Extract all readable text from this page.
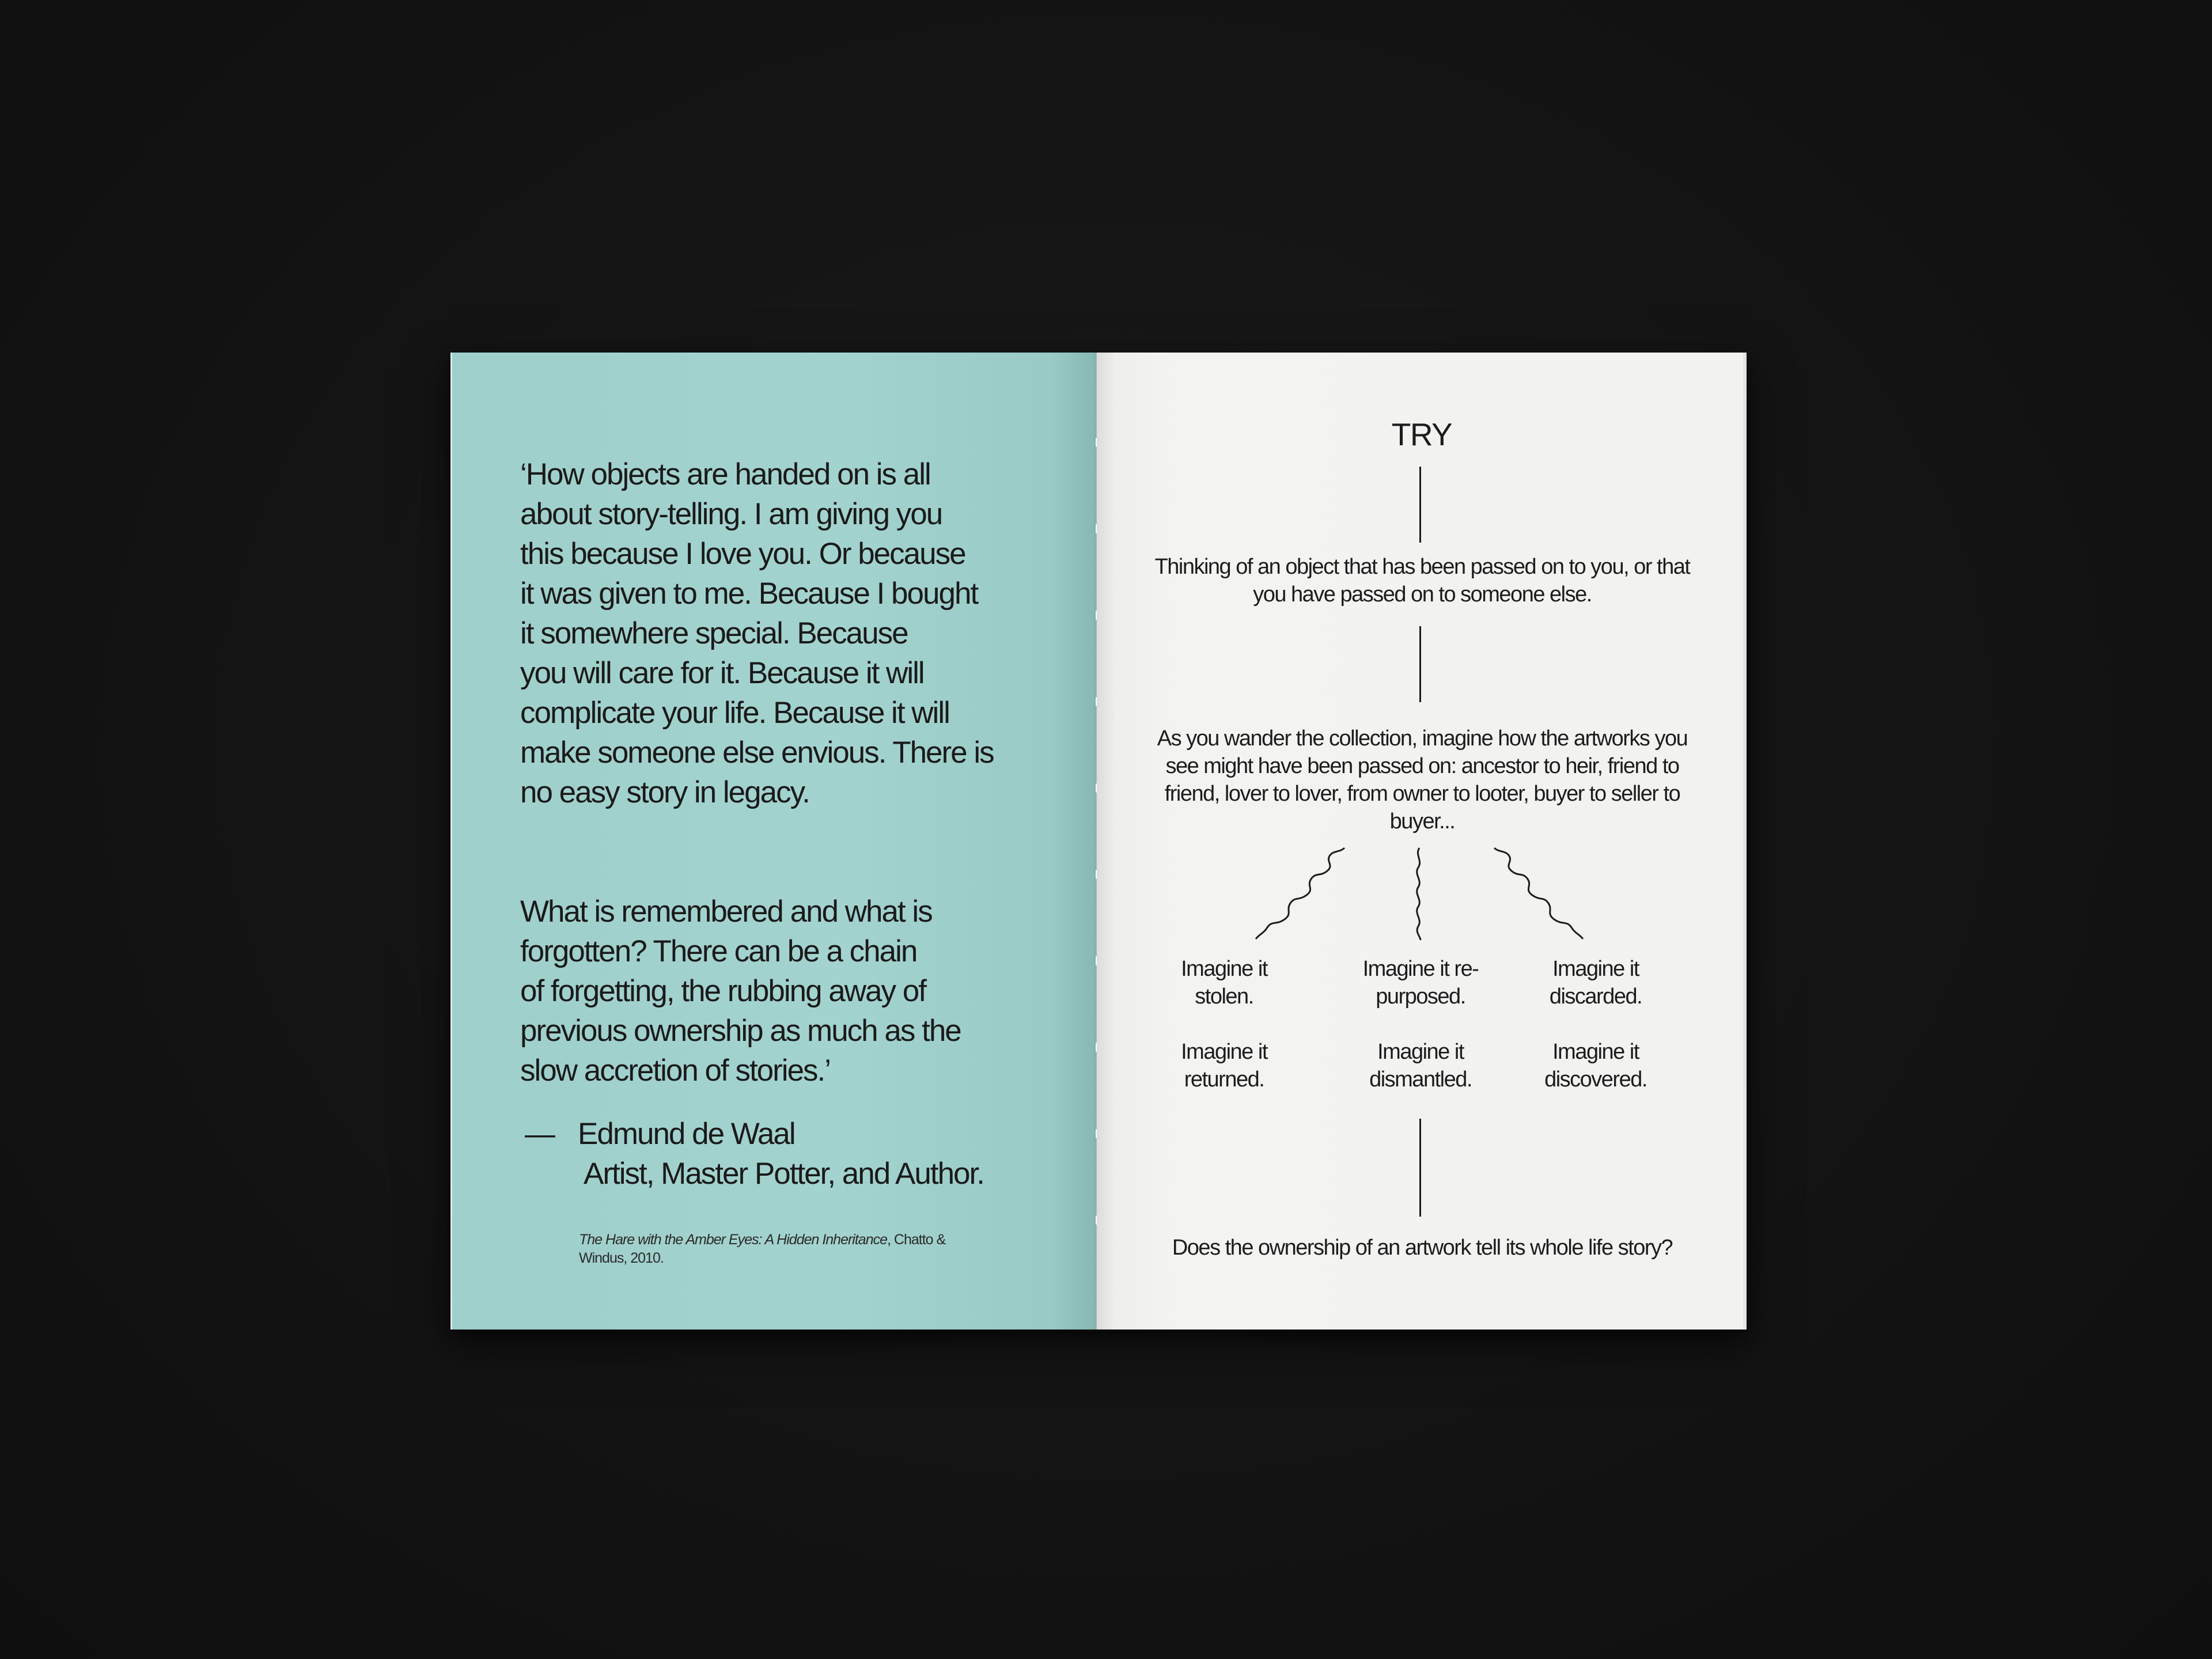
‘How objects are handed on is all
about story-telling. I am giving you
this because I love you. Or because
it was given to me. Because I bought
it somewhere special. Because
you will care for it. Because it will
complicate your life. Because it will
make someone else envious. There is
no easy story in legacy.

What is remembered and what is
forgotten? There can be a chain
of forgetting, the rubbing away of
previous ownership as much as the
slow accretion of stories.’

— Edmund de Waal
Artist, Master Potter, and Author.
The Hare with the Amber Eyes: A Hidden Inheritance, Chatto & Windus, 2010.
TRY
Thinking of an object that has been passed on to you, or that you have passed on to someone else.
As you wander the collection, imagine how the artworks you see might have been passed on: ancestor to heir, friend to friend, lover to lover, from owner to looter, buyer to seller to buyer...
Imagine it stolen.
Imagine it returned.
Imagine it re-purposed.
Imagine it dismantled.
Imagine it discarded.
Imagine it discovered.
Does the ownership of an artwork tell its whole life story?
